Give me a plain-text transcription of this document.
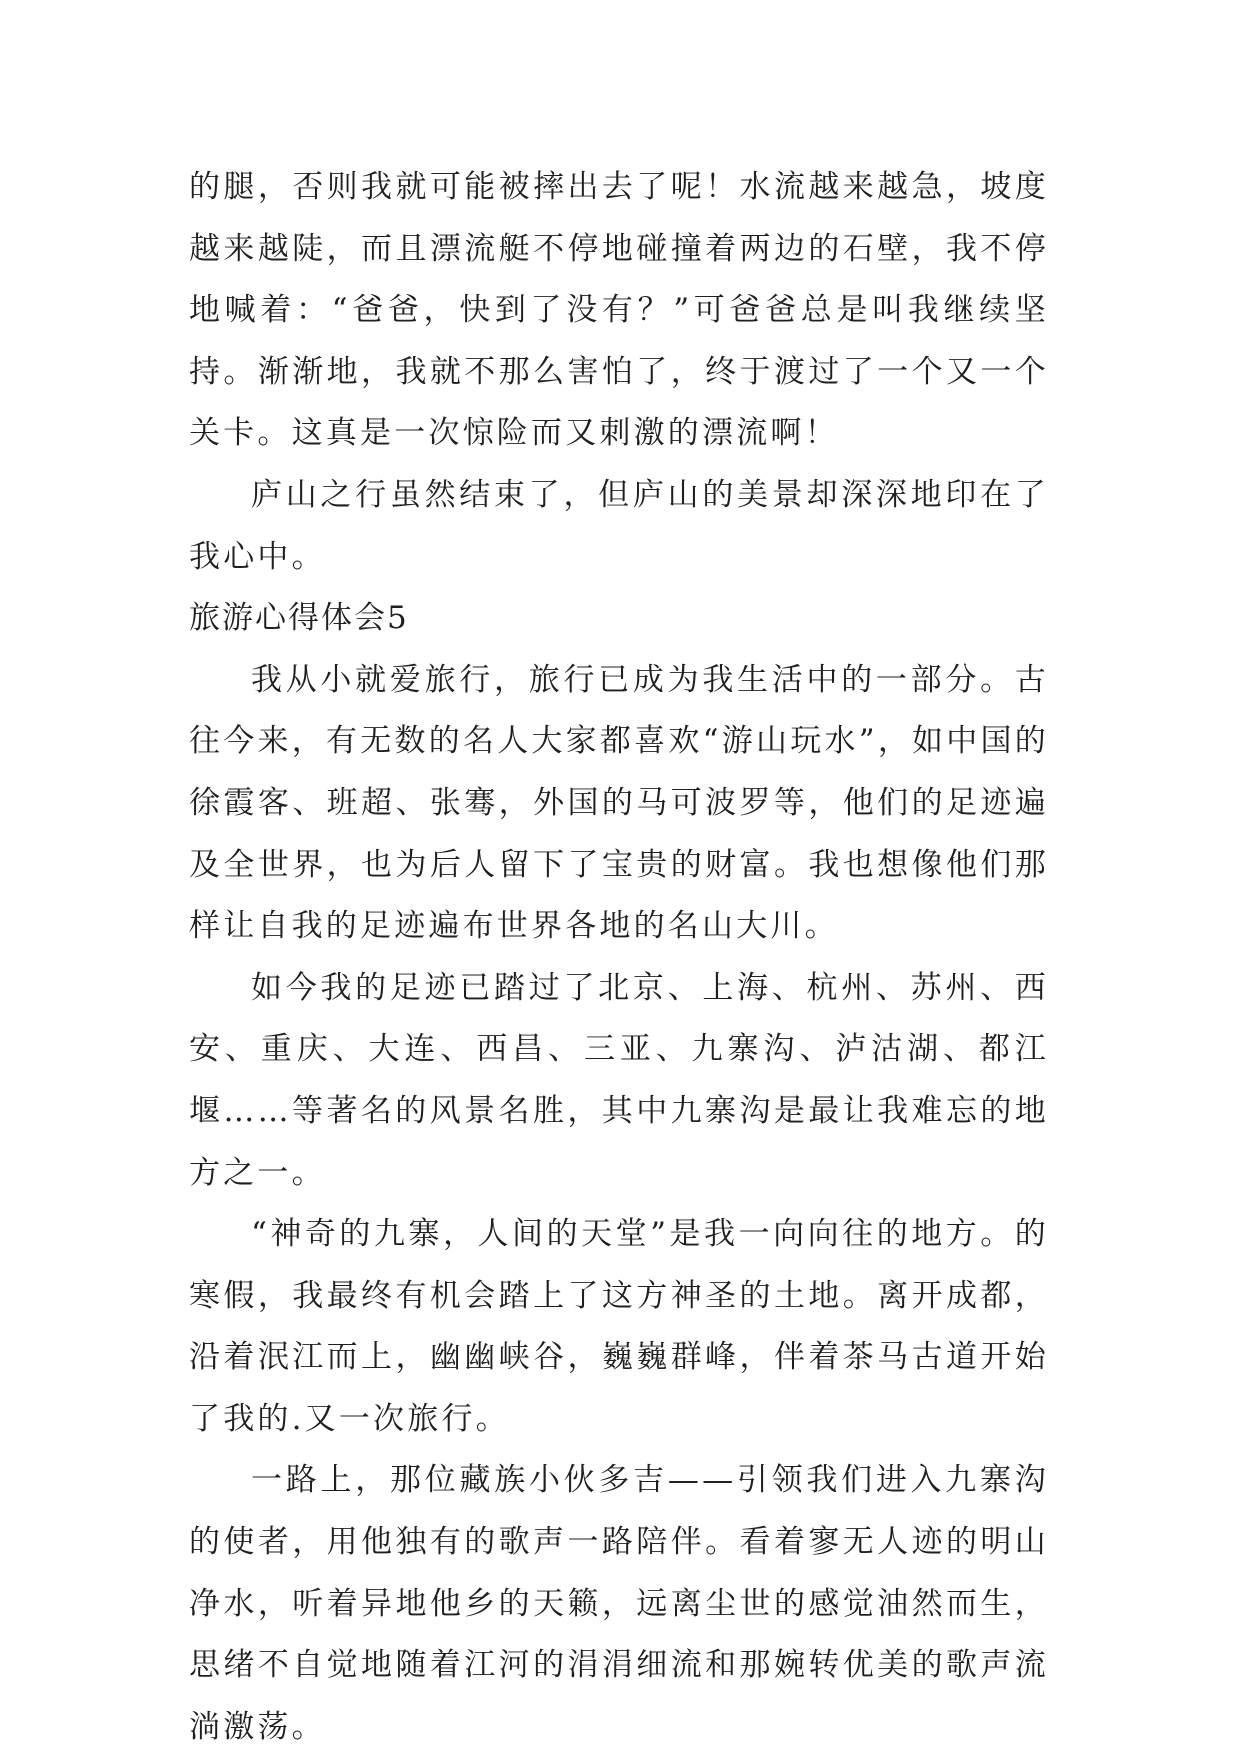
的腿，否则我就可能被摔出去了呢！水流越来越急，坡度越来越陡，而且漂流艇不停地碰撞着两边的石壁，我不停地喊着：“爸爸，快到了没有？”可爸爸总是叫我继续坚持。渐渐地，我就不那么害怕了，终于渡过了一个又一个关卡。这真是一次惊险而又刺激的漂流啊！

庐山之行虽然结束了，但庐山的美景却深深地印在了我心中。

旅游心得体会5

我从小就爱旅行，旅行已成为我生活中的一部分。古往今来，有无数的名人大家都喜欢“游山玩水”，如中国的徐霞客、班超、张骞，外国的马可波罗等，他们的足迹遍及全世界，也为后人留下了宝贵的财富。我也想像他们那样让自我的足迹遍布世界各地的名山大川。

如今我的足迹已踏过了北京、上海、杭州、苏州、西安、重庆、大连、西昌、三亚、九寨沟、泸沽湖、都江堰……等著名的风景名胜，其中九寨沟是最让我难忘的地方之一。

“神奇的九寨，人间的天堂”是我一向向往的地方。的寒假，我最终有机会踏上了这方神圣的土地。离开成都，沿着泯江而上，幽幽峡谷，巍巍群峰，伴着茶马古道开始了我的.又一次旅行。

一路上，那位藏族小伙多吉——引领我们进入九寨沟的使者，用他独有的歌声一路陪伴。看着寥无人迹的明山净水，听着异地他乡的天籁，远离尘世的感觉油然而生，思绪不自觉地随着江河的涓涓细流和那婉转优美的歌声流淌激荡。
